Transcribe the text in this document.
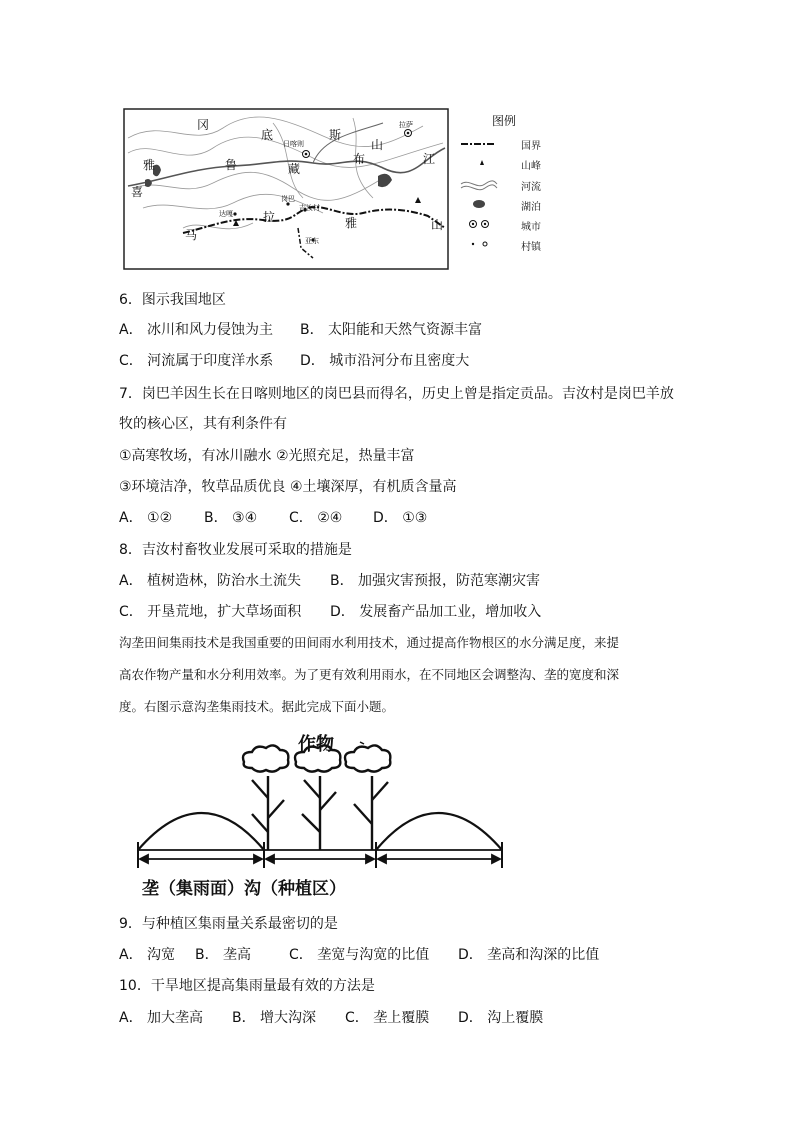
冈
底	斯
山
雅	鲁	藏
布	江
喜
马
拉	雅	山
日喀则
拉萨
岗巴
吉汝村
达嘎
亚东
图例
国界
山峰
河流
湖泊
城市
村镇
6．图示我国地区
A． 冰川和风力侵蚀为主 B． 太阳能和天然气资源丰富
C． 河流属于印度洋水系 D． 城市沿河分布且密度大
7．岗巴羊因生长在日喀则地区的岗巴县而得名，历史上曾是指定贡品。吉汝村是岗巴羊放
牧的核心区，其有利条件有
①高寒牧场，有冰川融水 ②光照充足，热量丰富
③环境洁净，牧草品质优良 ④土壤深厚，有机质含量高
A． ①② B． ③④ C． ②④ D． ①③
8．吉汝村畜牧业发展可采取的措施是
A． 植树造林，防治水土流失 B． 加强灾害预报，防范寒潮灾害
C． 开垦荒地，扩大草场面积 D． 发展畜产品加工业，增加收入
沟垄田间集雨技术是我国重要的田间雨水利用技术，通过提高作物根区的水分满足度，来提
高农作物产量和水分利用效率。为了更有效利用雨水，在不同地区会调整沟、垄的宽度和深
度。右图示意沟垄集雨技术。据此完成下面小题。
作物
垄（集雨面）沟（种植区）
9．与种植区集雨量关系最密切的是
A． 沟宽 B． 垄高	C． 垄宽与沟宽的比值 D． 垄高和沟深的比值
10．干旱地区提高集雨量最有效的方法是
A． 加大垄高 B． 增大沟深 C． 垄上覆膜 D． 沟上覆膜
